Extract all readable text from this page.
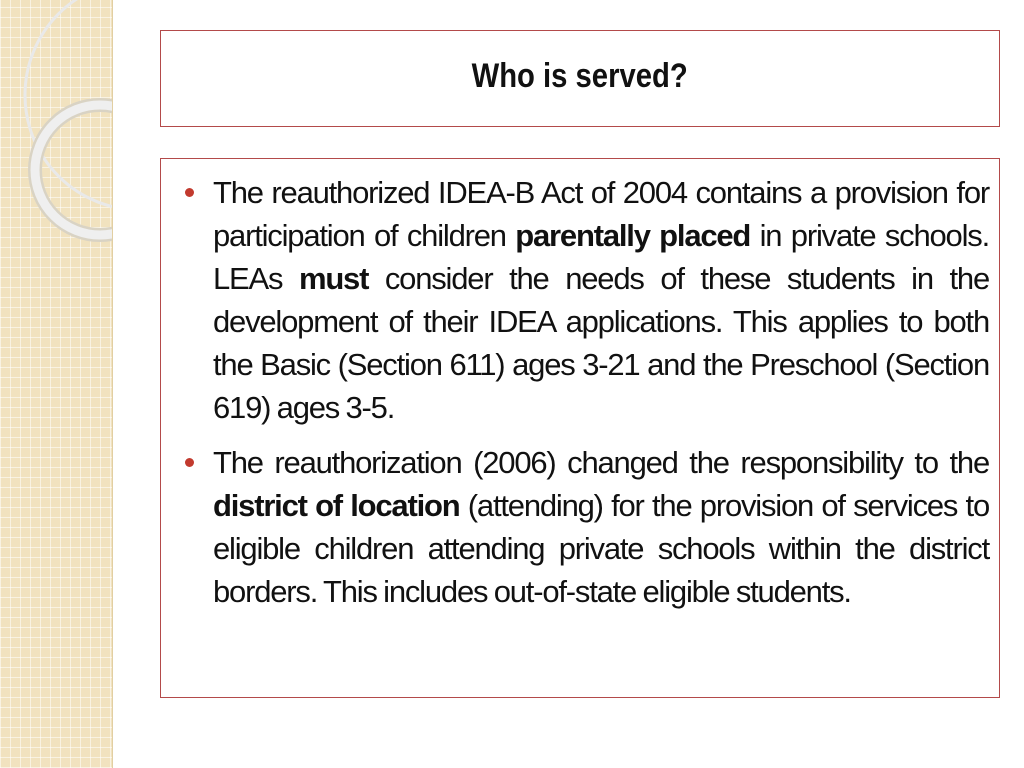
Who is served?
The reauthorized IDEA-B Act of 2004 contains a provision for participation of children parentally placed in private schools. LEAs must consider the needs of these students in the development of their IDEA applications. This applies to both the Basic (Section 611) ages 3-21 and the Preschool (Section 619) ages 3-5.
The reauthorization (2006) changed the responsibility to the district of location (attending) for the provision of services to eligible children attending private schools within the district borders. This includes out-of-state eligible students.
